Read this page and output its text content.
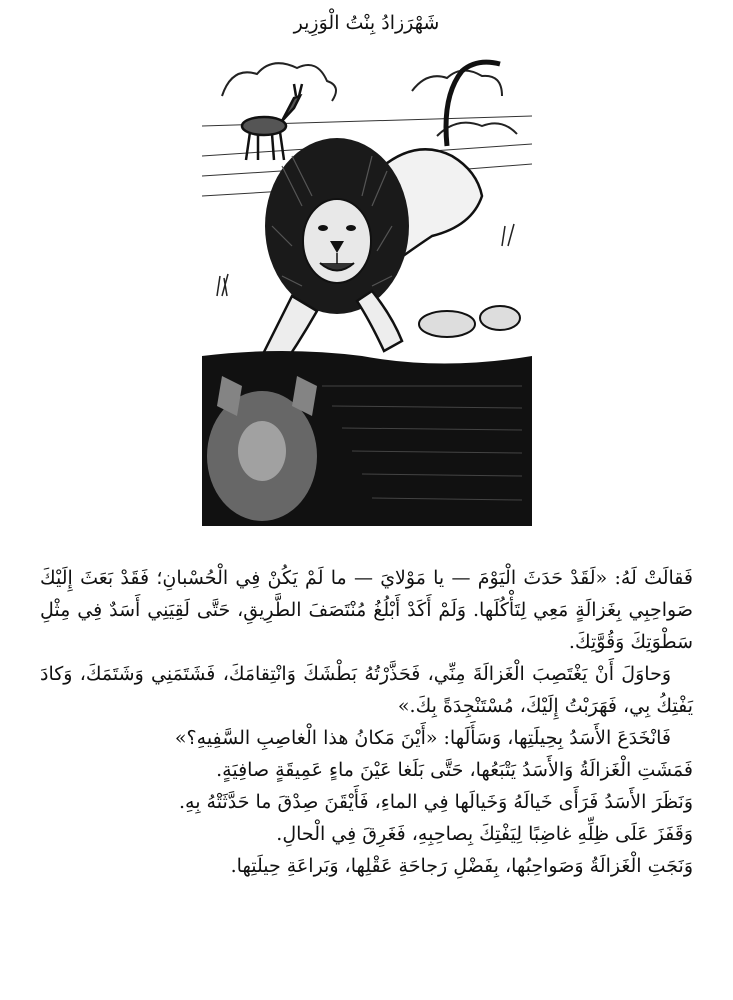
شَهْرَزادُ بِنْتُ الْوَزِير

فَقالَتْ لَهُ: «لَقَدْ حَدَثَ الْيَوْمَ — يا مَوْلايَ — ما لَمْ يَكُنْ فِي الْحُسْبانِ؛ فَقَدْ بَعَثَ إِلَيْكَ صَواحِبِي بِغَزالَةٍ مَعِي لِتَأْكُلَها. وَلَمْ أَكَدْ أَبْلُغُ مُنْتَصَفَ الطَّرِيقِ، حَتَّى لَقِيَنِي أَسَدٌ فِي مِثْلِ سَطْوَتِكَ وَقُوَّتِكَ.

وَحاوَلَ أَنْ يَغْتَصِبَ الْغَزالَةَ مِنِّي، فَحَذَّرْتُهُ بَطْشَكَ وَانْتِقامَكَ، فَشَتَمَنِي وَشَتَمَكَ، وَكادَ يَفْتِكُ بِي، فَهَرَبْتُ إِلَيْكَ، مُسْتَنْجِدَةً بِكَ.»

فَانْخَدَعَ الأَسَدُ بِحِيلَتِها، وَسَأَلَها: «أَيْنَ مَكانُ هذا الْغاصِبِ السَّفِيهِ؟»

فَمَشَتِ الْغَزالَةُ وَالأَسَدُ يَتْبَعُها، حَتَّى بَلَغا عَيْنَ ماءٍ عَمِيقَةٍ صافِيَةٍ.

وَنَظَرَ الأَسَدُ فَرَأَى خَيالَهُ وَخَيالَها فِي الماءِ، فَأَيْقَنَ صِدْقَ ما حَدَّثَتْهُ بِهِ.

وَقَفَزَ عَلَى ظِلِّهِ غاضِبًا لِيَفْتِكَ بِصاحِبِهِ، فَغَرِقَ فِي الْحالِ.

وَنَجَتِ الْغَزالَةُ وَصَواحِبُها، بِفَضْلِ رَجاحَةِ عَقْلِها، وَبَراعَةِ حِيلَتِها.
